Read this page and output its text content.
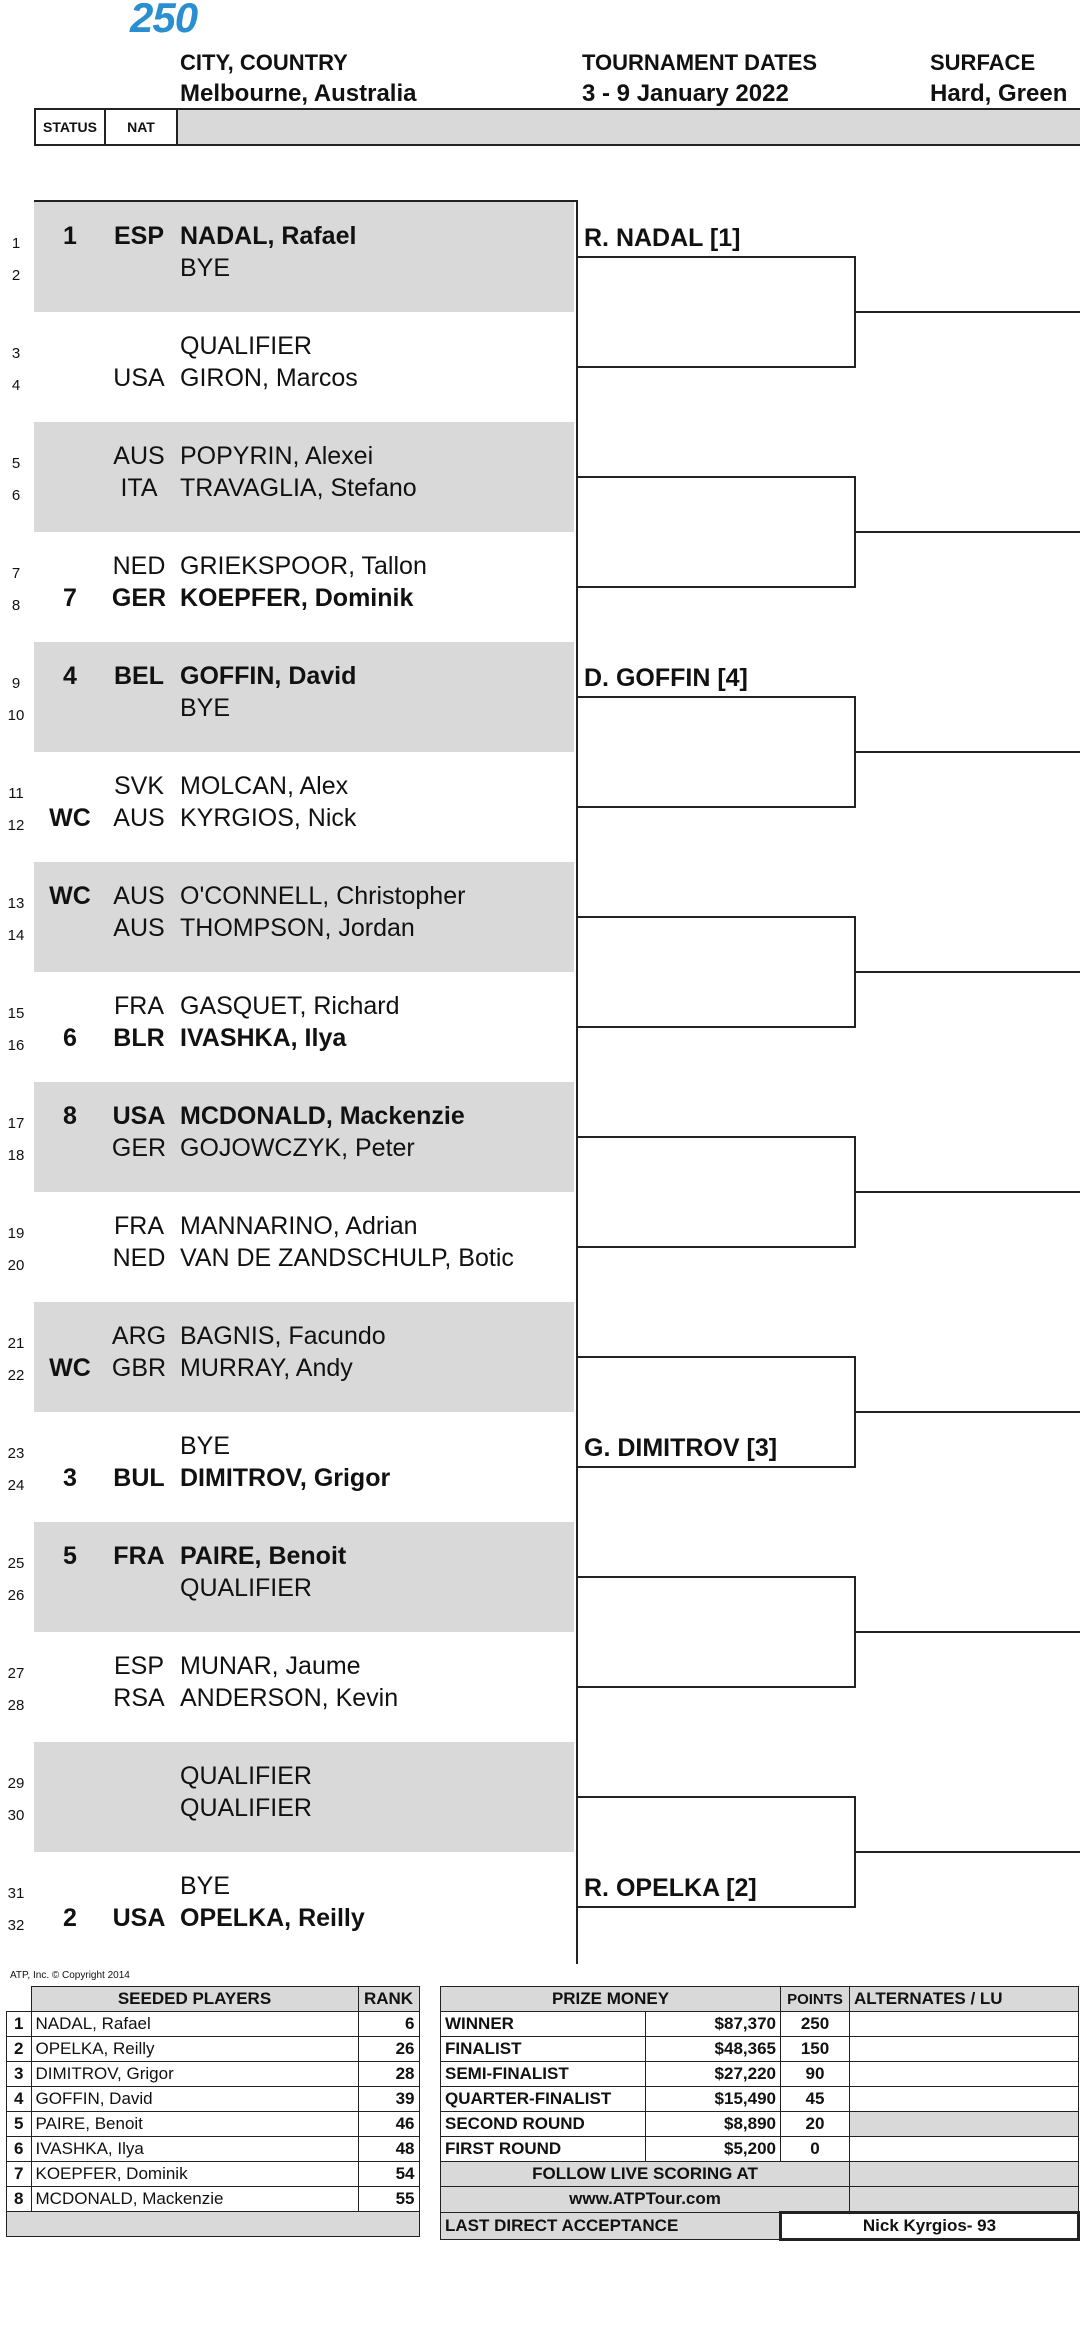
250
CITY, COUNTRY
Melbourne, Australia
TOURNAMENT DATES
3 - 9 January 2022
SURFACE
Hard, Green
STATUS	NAT
1	1	ESP NADAL, Rafael
2	BYE
3	QUALIFIER
4	USA GIRON, Marcos
5	AUS POPYRIN, Alexei
6	ITA TRAVAGLIA, Stefano
7	NED GRIEKSPOOR, Tallon
8	7	GER KOEPFER, Dominik
9	4	BEL GOFFIN, David
10	BYE
11	SVK MOLCAN, Alex
12 WC AUS KYRGIOS, Nick
13 WC AUS O'CONNELL, Christopher
14	AUS THOMPSON, Jordan
15	FRA GASQUET, Richard
16	6	BLR IVASHKA, Ilya
17	8	USA MCDONALD, Mackenzie
18	GER GOJOWCZYK, Peter
19	FRA MANNARINO, Adrian
20	NED VAN DE ZANDSCHULP, Botic
21	ARG BAGNIS, Facundo
22 WC GBR MURRAY, Andy
23	BYE
24	3	BUL DIMITROV, Grigor
25	5	FRA PAIRE, Benoit
26	QUALIFIER
27	ESP MUNAR, Jaume
28	RSA ANDERSON, Kevin
29	QUALIFIER
30	QUALIFIER
31	BYE
32	2	USA OPELKA, Reilly
R. NADAL [1]
D. GOFFIN [4]
G. DIMITROV [3]
R. OPELKA [2]
ATP, Inc. © Copyright 2014
	SEEDED PLAYERS	RANK
1	NADAL, Rafael	6
2	OPELKA, Reilly	26
3	DIMITROV, Grigor	28
4	GOFFIN, David	39
5	PAIRE, Benoit	46
6	IVASHKA, Ilya	48
7	KOEPFER, Dominik	54
8	MCDONALD, Mackenzie	55

PRIZE MONEY		POINTS	ALTERNATES / LU
WINNER	$87,370	250	
FINALIST	$48,365	150	
SEMI-FINALIST	$27,220	90	
QUARTER-FINALIST	$15,490	45	
SECOND ROUND	$8,890	20	
FIRST ROUND	$5,200	0	
FOLLOW LIVE SCORING AT			
www.ATPTour.com			
LAST DIRECT ACCEPTANCE		Nick Kyrgios- 93	
